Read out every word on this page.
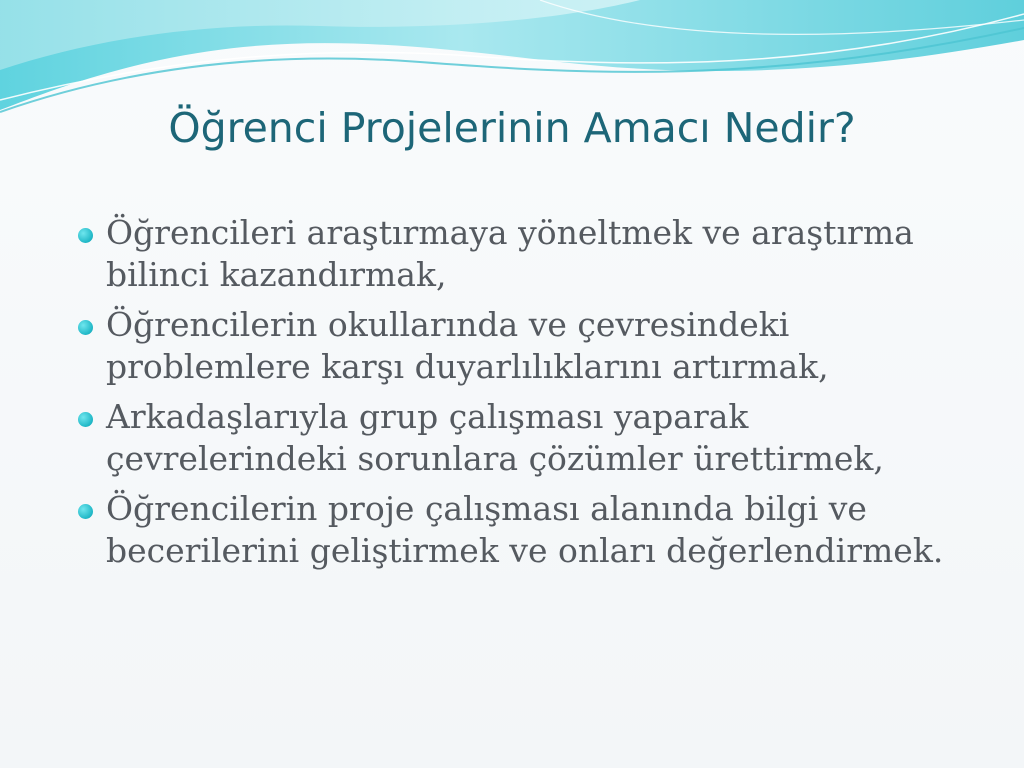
Öğrenci Projelerinin Amacı Nedir?
Öğrencileri araştırmaya yöneltmek ve araştırma bilinci kazandırmak,
Öğrencilerin okullarında ve çevresindeki problemlere karşı duyarlılıklarını artırmak,
Arkadaşlarıyla grup çalışması yaparak çevrelerindeki sorunlara çözümler ürettirmek,
Öğrencilerin proje çalışması alanında bilgi ve becerilerini geliştirmek ve onları değerlendirmek.
